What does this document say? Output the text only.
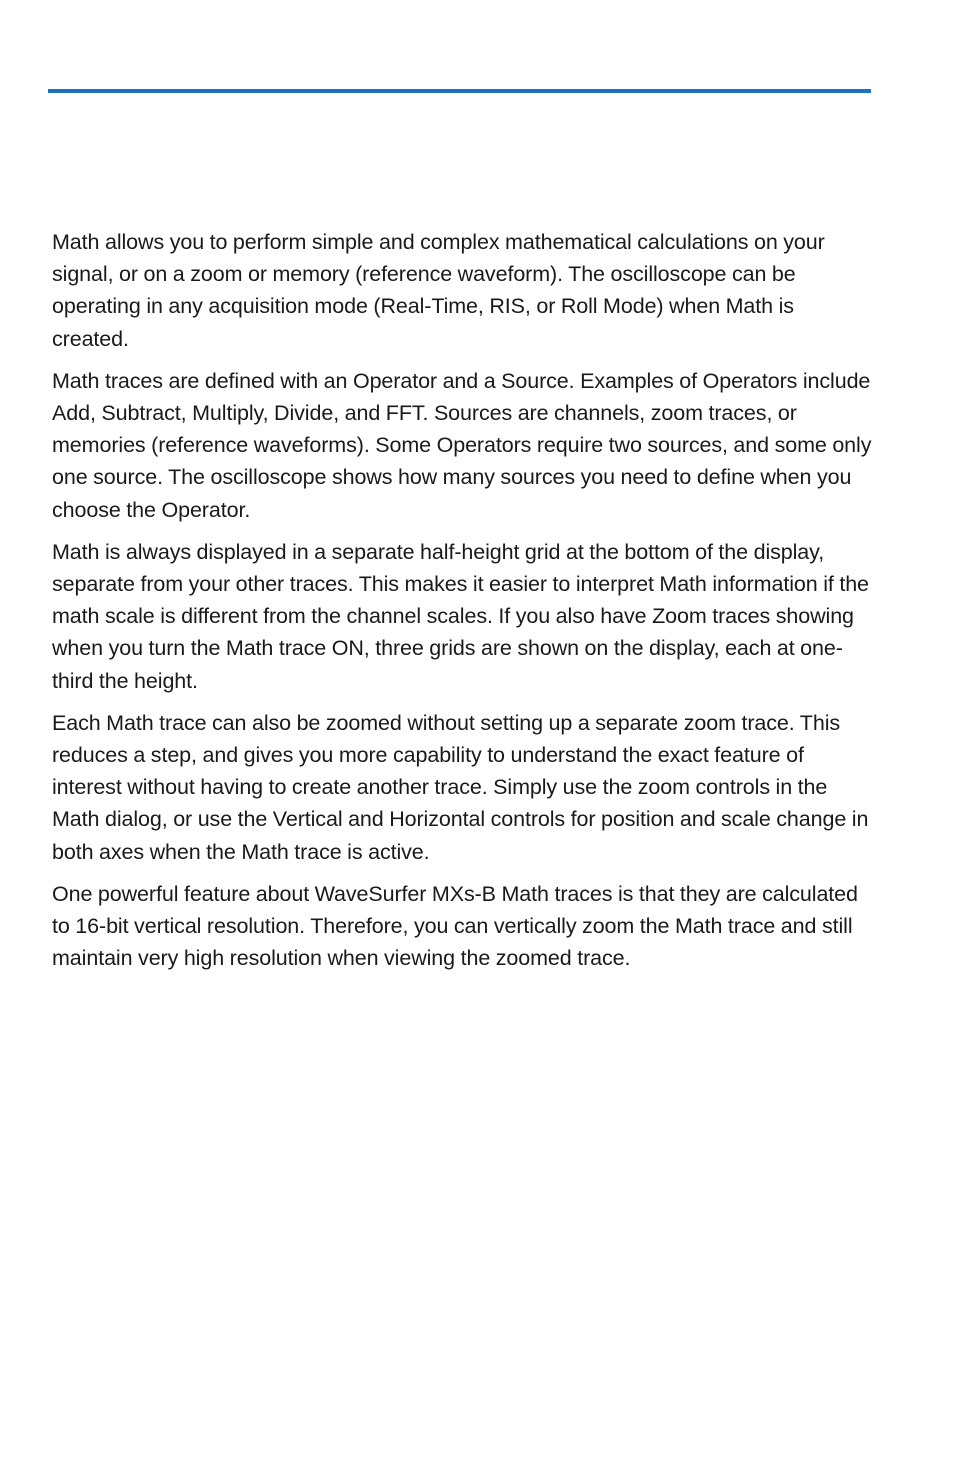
Math allows you to perform simple and complex mathematical calculations on your signal, or on a zoom or memory (reference waveform). The oscilloscope can be operating in any acquisition mode (Real-Time, RIS, or Roll Mode) when Math is created.

Math traces are defined with an Operator and a Source. Examples of Operators include Add, Subtract, Multiply, Divide, and FFT. Sources are channels, zoom traces, or memories (reference waveforms). Some Operators require two sources, and some only one source. The oscilloscope shows how many sources you need to define when you choose the Operator.

Math is always displayed in a separate half-height grid at the bottom of the display, separate from your other traces. This makes it easier to interpret Math information if the math scale is different from the channel scales. If you also have Zoom traces showing when you turn the Math trace ON, three grids are shown on the display, each at one-third the height.

Each Math trace can also be zoomed without setting up a separate zoom trace. This reduces a step, and gives you more capability to understand the exact feature of interest without having to create another trace. Simply use the zoom controls in the Math dialog, or use the Vertical and Horizontal controls for position and scale change in both axes when the Math trace is active.

One powerful feature about WaveSurfer MXs-B Math traces is that they are calculated to 16-bit vertical resolution. Therefore, you can vertically zoom the Math trace and still maintain very high resolution when viewing the zoomed trace.
